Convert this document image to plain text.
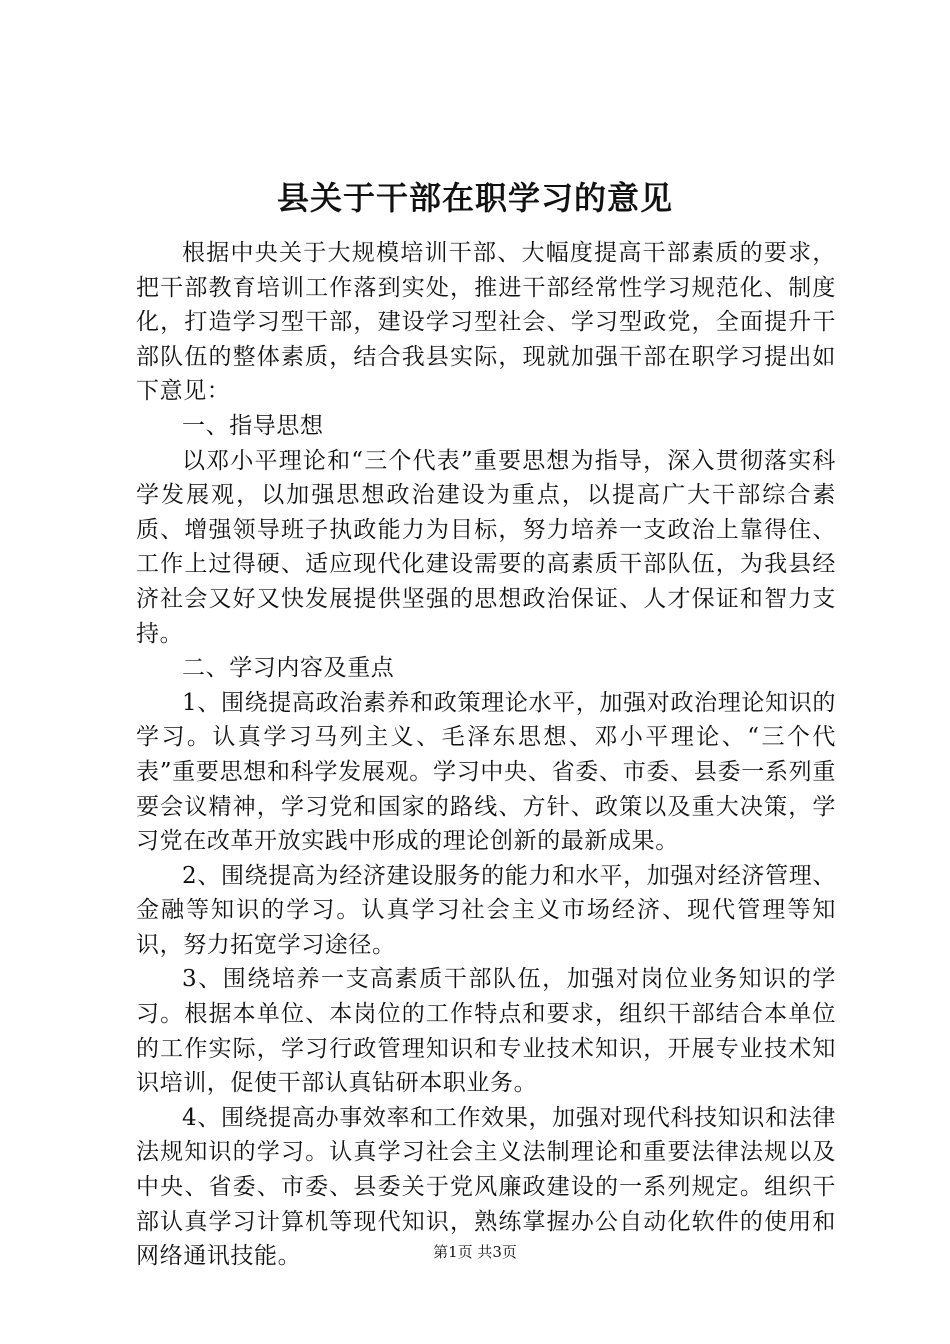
县关于干部在职学习的意见

根据中央关于大规模培训干部、大幅度提高干部素质的要求，把干部教育培训工作落到实处，推进干部经常性学习规范化、制度化，打造学习型干部，建设学习型社会、学习型政党，全面提升干部队伍的整体素质，结合我县实际，现就加强干部在职学习提出如下意见：

一、指导思想

以邓小平理论和“三个代表”重要思想为指导，深入贯彻落实科学发展观，以加强思想政治建设为重点，以提高广大干部综合素质、增强领导班子执政能力为目标，努力培养一支政治上靠得住、工作上过得硬、适应现代化建设需要的高素质干部队伍，为我县经济社会又好又快发展提供坚强的思想政治保证、人才保证和智力支持。

二、学习内容及重点

1、围绕提高政治素养和政策理论水平，加强对政治理论知识的学习。认真学习马列主义、毛泽东思想、邓小平理论、“三个代表”重要思想和科学发展观。学习中央、省委、市委、县委一系列重要会议精神，学习党和国家的路线、方针、政策以及重大决策，学习党在改革开放实践中形成的理论创新的最新成果。

2、围绕提高为经济建设服务的能力和水平，加强对经济管理、金融等知识的学习。认真学习社会主义市场经济、现代管理等知识，努力拓宽学习途径。

3、围绕培养一支高素质干部队伍，加强对岗位业务知识的学习。根据本单位、本岗位的工作特点和要求，组织干部结合本单位的工作实际，学习行政管理知识和专业技术知识，开展专业技术知识培训，促使干部认真钻研本职业务。

4、围绕提高办事效率和工作效果，加强对现代科技知识和法律法规知识的学习。认真学习社会主义法制理论和重要法律法规以及中央、省委、市委、县委关于党风廉政建设的一系列规定。组织干部认真学习计算机等现代知识，熟练掌握办公自动化软件的使用和网络通讯技能。	第1页 共3页
